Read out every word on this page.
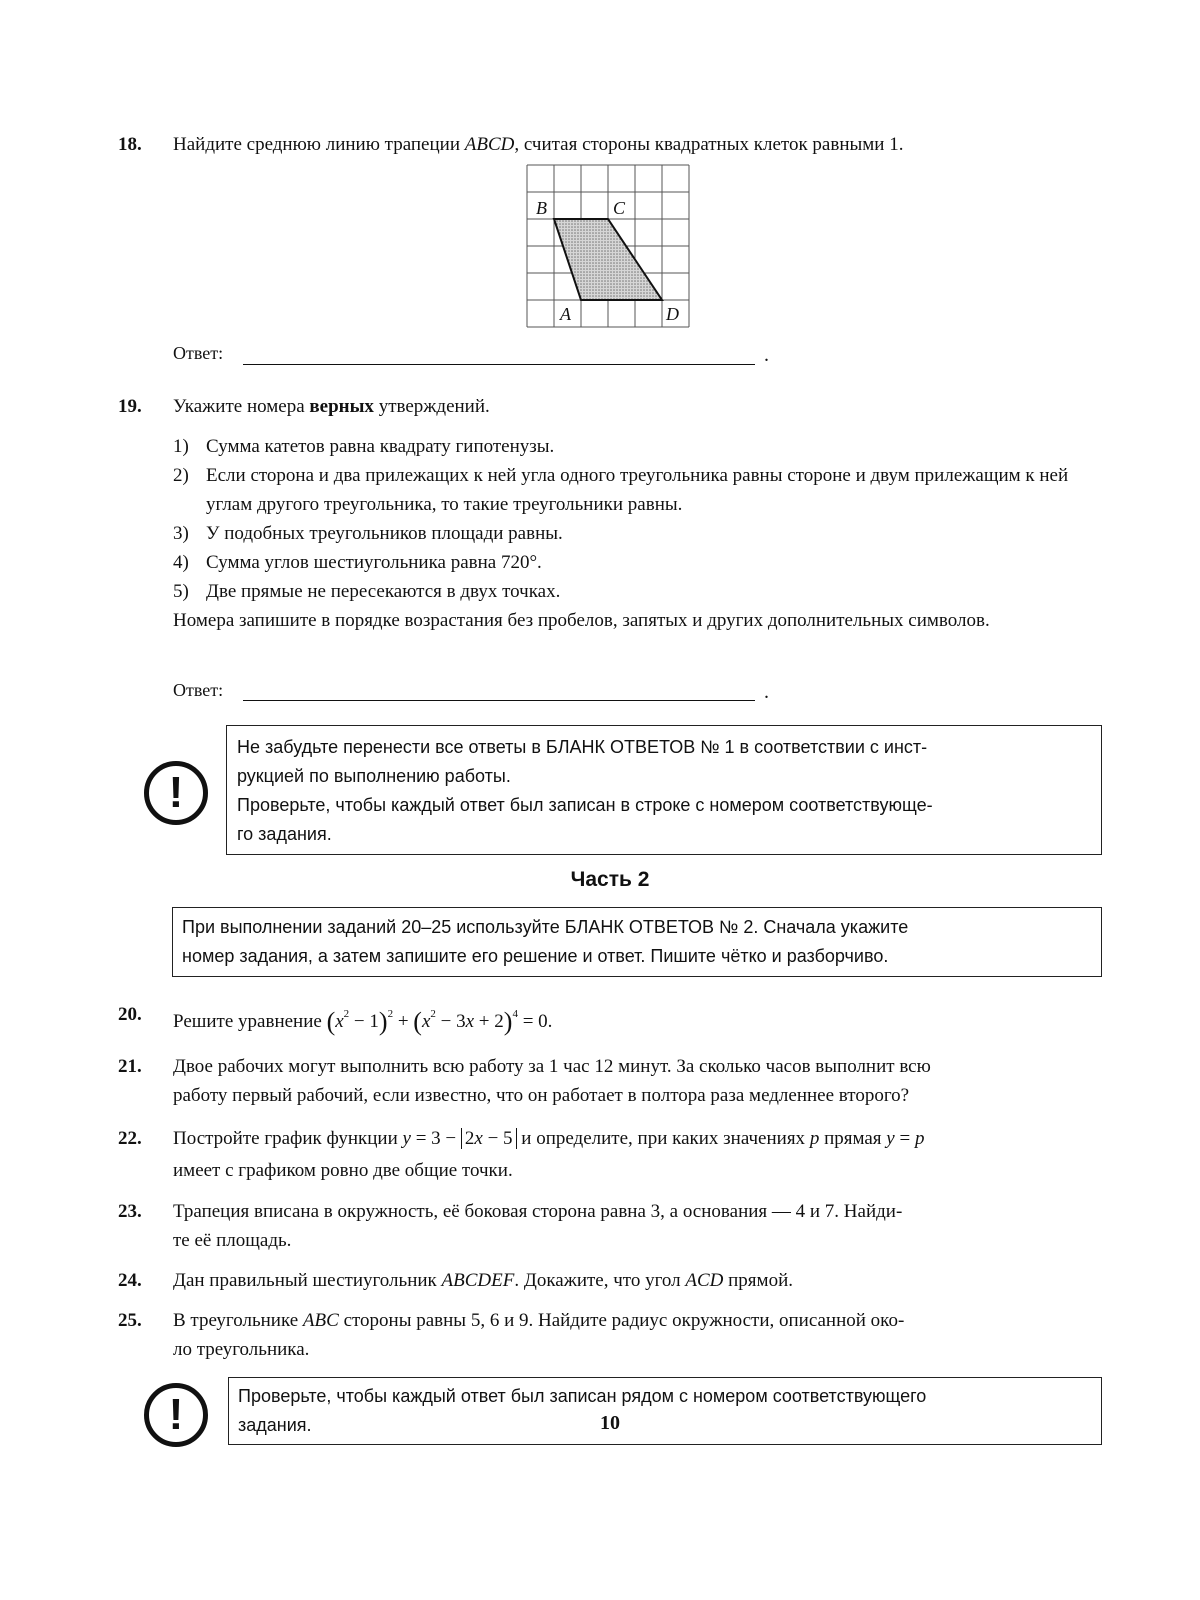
18. Найдите среднюю линию трапеции ABCD, считая стороны квадратных клеток равными 1.
B	C
A	D
Ответ:	.
19. Укажите номера верных утверждений.
1) Сумма катетов равна квадрату гипотенузы.
2) Если сторона и два прилежащих к ней угла одного треугольника равны стороне и двум прилежащим к ней углам другого треугольника, то такие треугольники равны.
3) У подобных треугольников площади равны.
4) Сумма углов шестиугольника равна 720°.
5) Две прямые не пересекаются в двух точках.
Номера запишите в порядке возрастания без пробелов, запятых и других дополнительных символов.
Ответ:	.
!
Не забудьте перенести все ответы в БЛАНК ОТВЕТОВ № 1 в соответствии с инст-
рукцией по выполнению работы.
Проверьте, чтобы каждый ответ был записан в строке с номером соответствующе-
го задания.
Часть 2
При выполнении заданий 20–25 используйте БЛАНК ОТВЕТОВ № 2. Сначала укажите
номер задания, а затем запишите его решение и ответ. Пишите чётко и разборчиво.
20. Решите уравнение $(x^2 - 1)^2 + (x^2 - 3x + 2)^4 = 0$.
21. Двое рабочих могут выполнить всю работу за 1 час 12 минут. За сколько часов выполнит всю
работу первый рабочий, если известно, что он работает в полтора раза медленнее второго?
22. Постройте график функции y = 3 − 2x − 5 и определите, при каких значениях p прямая y = p
имеет с графиком ровно две общие точки.
23. Трапеция вписана в окружность, её боковая сторона равна 3, а основания — 4 и 7. Найди-
те её площадь.
24. Дан правильный шестиугольник ABCDEF. Докажите, что угол ACD прямой.
25. В треугольнике ABC стороны равны 5, 6 и 9. Найдите радиус окружности, описанной око-
ло треугольника.
!	Проверьте, чтобы каждый ответ был записан рядом с номером соответствующего
задания.	10
